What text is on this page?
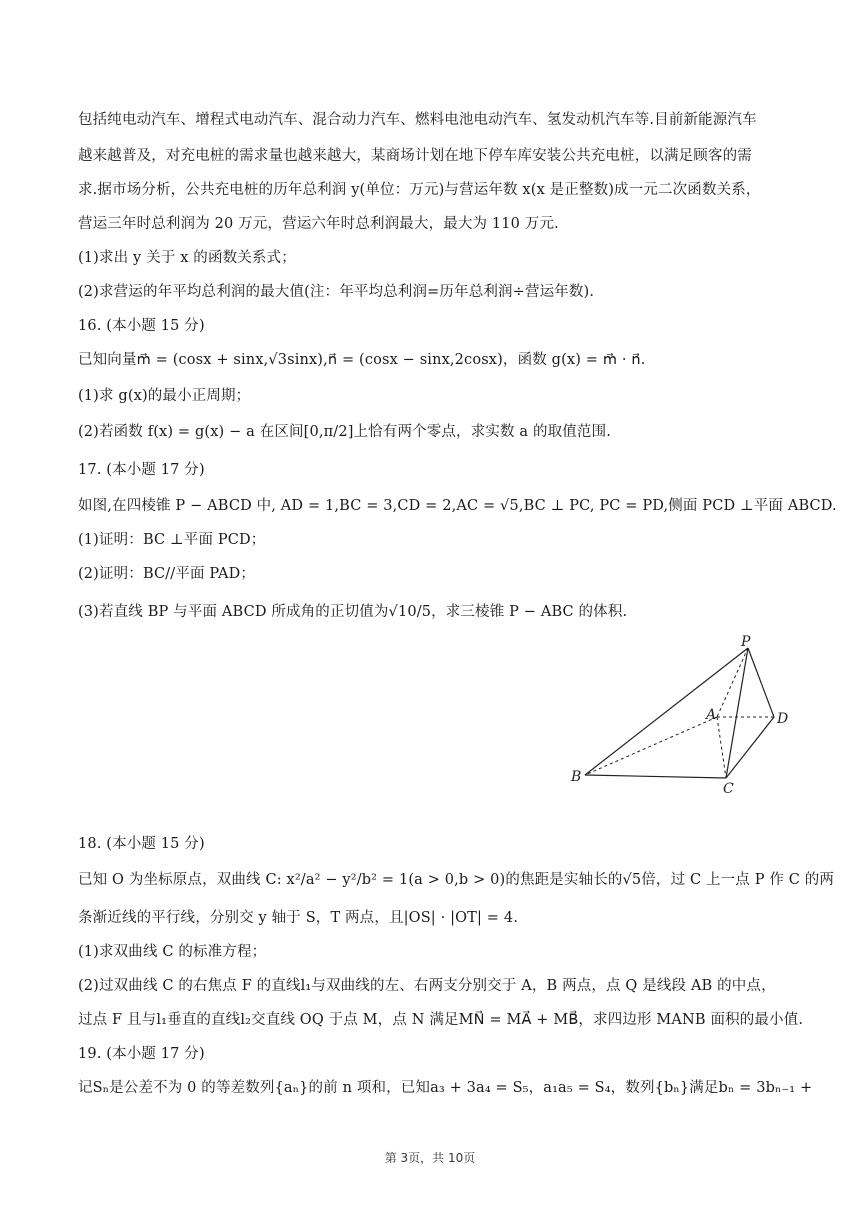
包括纯电动汽车、增程式电动汽车、混合动力汽车、燃料电池电动汽车、氢发动机汽车等.目前新能源汽车
越来越普及，对充电桩的需求量也越来越大，某商场计划在地下停车库安装公共充电桩，以满足顾客的需
求.据市场分析，公共充电桩的历年总利润 y(单位：万元)与营运年数 x(x 是正整数)成一元二次函数关系，
营运三年时总利润为 20 万元，营运六年时总利润最大，最大为 110 万元.
(1)求出 y 关于 x 的函数关系式；
(2)求营运的年平均总利润的最大值(注：年平均总利润=历年总利润÷营运年数).
16. (本小题 15 分)
已知向量m⃗ = (cosx + sinx,√3sinx),n⃗ = (cosx − sinx,2cosx)，函数 g(x) = m⃗ · n⃗.
(1)求 g(x)的最小正周期；
(2)若函数 f(x) = g(x) − a 在区间[0,π/2]上恰有两个零点，求实数 a 的取值范围.
17. (本小题 17 分)
如图,在四棱锥 P − ABCD 中, AD = 1,BC = 3,CD = 2,AC = √5,BC ⊥ PC, PC = PD,侧面 PCD ⊥平面 ABCD.
(1)证明：BC ⊥平面 PCD；
(2)证明：BC//平面 PAD；
(3)若直线 BP 与平面 ABCD 所成角的正切值为√10/5，求三棱锥 P − ABC 的体积.
18. (本小题 15 分)
已知 O 为坐标原点，双曲线 C: x²/a² − y²/b² = 1(a > 0,b > 0)的焦距是实轴长的√5倍，过 C 上一点 P 作 C 的两
条渐近线的平行线，分别交 y 轴于 S，T 两点，且|OS| · |OT| = 4.
(1)求双曲线 C 的标准方程；
(2)过双曲线 C 的右焦点 F 的直线l₁与双曲线的左、右两支分别交于 A，B 两点，点 Q 是线段 AB 的中点，
过点 F 且与l₁垂直的直线l₂交直线 OQ 于点 M，点 N 满足MN⃗ = MA⃗ + MB⃗，求四边形 MANB 面积的最小值.
19. (本小题 17 分)
记Sₙ是公差不为 0 的等差数列{aₙ}的前 n 项和，已知a₃ + 3a₄ = S₅，a₁a₅ = S₄，数列{bₙ}满足bₙ = 3bₙ₋₁ +
P
A	D
B
C
第 3页，共 10页
